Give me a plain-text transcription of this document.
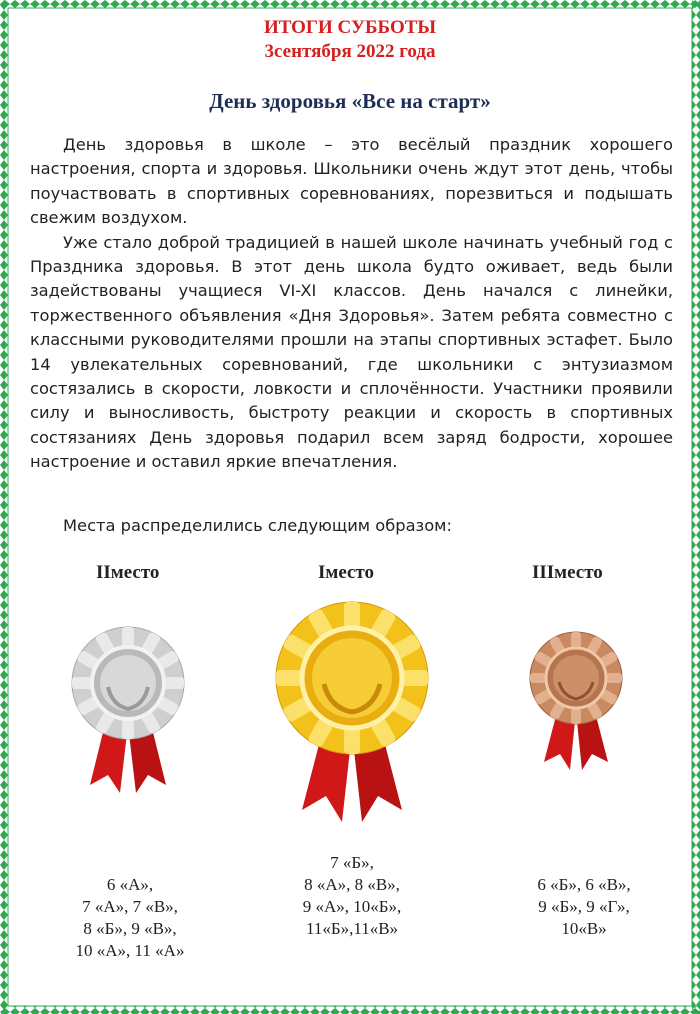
ИТОГИ СУББОТЫ
3сентября 2022 года
День здоровья «Все на старт»

День здоровья в школе – это весёлый праздник хорошего настроения, спорта и здоровья. Школьники очень ждут этот день, чтобы поучаствовать в спортивных соревнованиях, порезвиться и подышать свежим воздухом.

Уже стало доброй традицией в нашей школе начинать учебный год с Праздника здоровья. В этот день школа будто оживает, ведь были задействованы учащиеся VI-XI классов. День начался с линейки, торжественного объявления «Дня Здоровья». Затем ребята совместно с классными руководителями прошли на этапы спортивных эстафет. Было 14 увлекательных соревнований, где школьники с энтузиазмом состязались в скорости, ловкости и сплочённости. Участники проявили силу и выносливость, быстроту реакции и скорость в спортивных состязаниях День здоровья подарил всем заряд бодрости, хорошее настроение и оставил яркие впечатления.

Места распределились следующим образом:
IIместо	Iместо	IIIместо
6 «А»,
7 «А», 7 «В»,
8 «Б», 9 «В»,
10 «А», 11 «А»
7 «Б»,
8 «А», 8 «В»,
9 «А», 10«Б»,
11«Б»,11«В»
6 «Б», 6 «В»,
9 «Б», 9 «Г»,
10«В»
